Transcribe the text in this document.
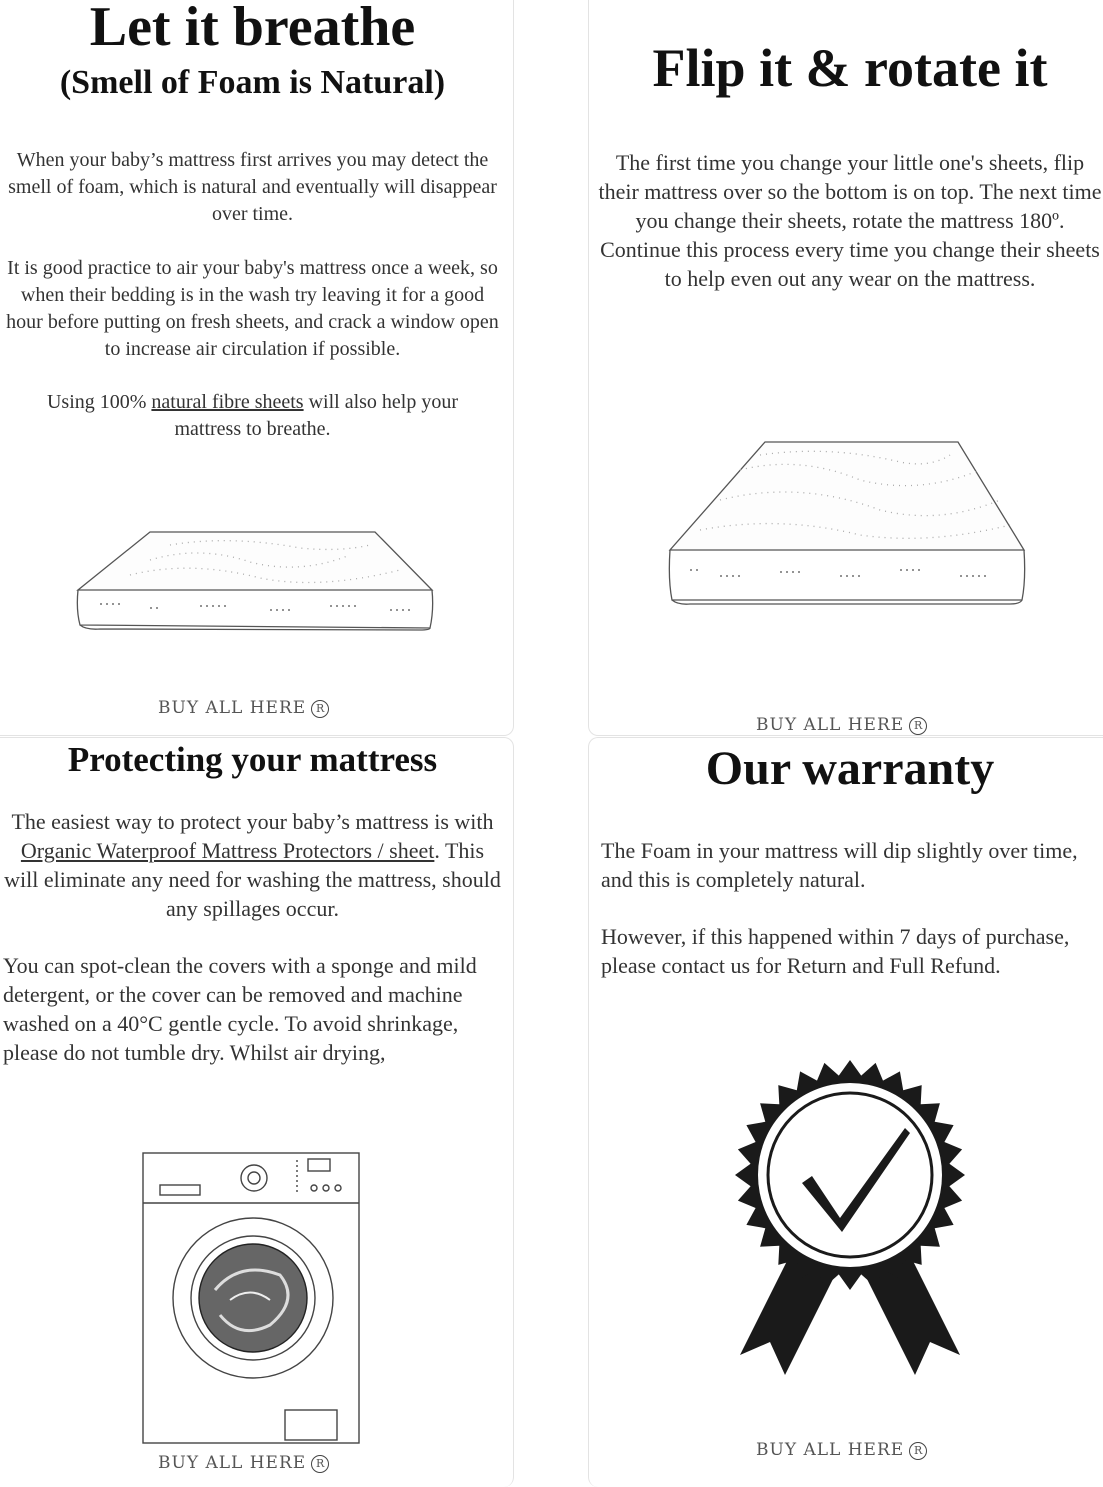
Let it breathe
(Smell of Foam is Natural)

When your baby’s mattress first arrives you may detect the smell of foam, which is natural and eventually will disappear over time.

It is good practice to air your baby's mattress once a week, so when their bedding is in the wash try leaving it for a good hour before putting on fresh sheets, and crack a window open to increase air circulation if possible.

Using 100% natural fibre sheets will also help your mattress to breathe.

BUY ALL HERE R
Flip it & rotate it

The first time you change your little one's sheets, flip their mattress over so the bottom is on top. The next time you change their sheets, rotate the mattress 180º. Continue this process every time you change their sheets to help even out any wear on the mattress.

BUY ALL HERE R
Protecting your mattress

The easiest way to protect your baby’s mattress is with Organic Waterproof Mattress Protectors / sheet. This will eliminate any need for washing the mattress, should any spillages occur.

You can spot-clean the covers with a sponge and mild detergent, or the cover can be removed and machine washed on a 40°C gentle cycle. To avoid shrinkage, please do not tumble dry. Whilst air drying,

BUY ALL HERE R
Our warranty

The Foam in your mattress will dip slightly over time, and this is completely natural.

However, if this happened within 7 days of purchase, please contact us for Return and Full Refund.

BUY ALL HERE R
